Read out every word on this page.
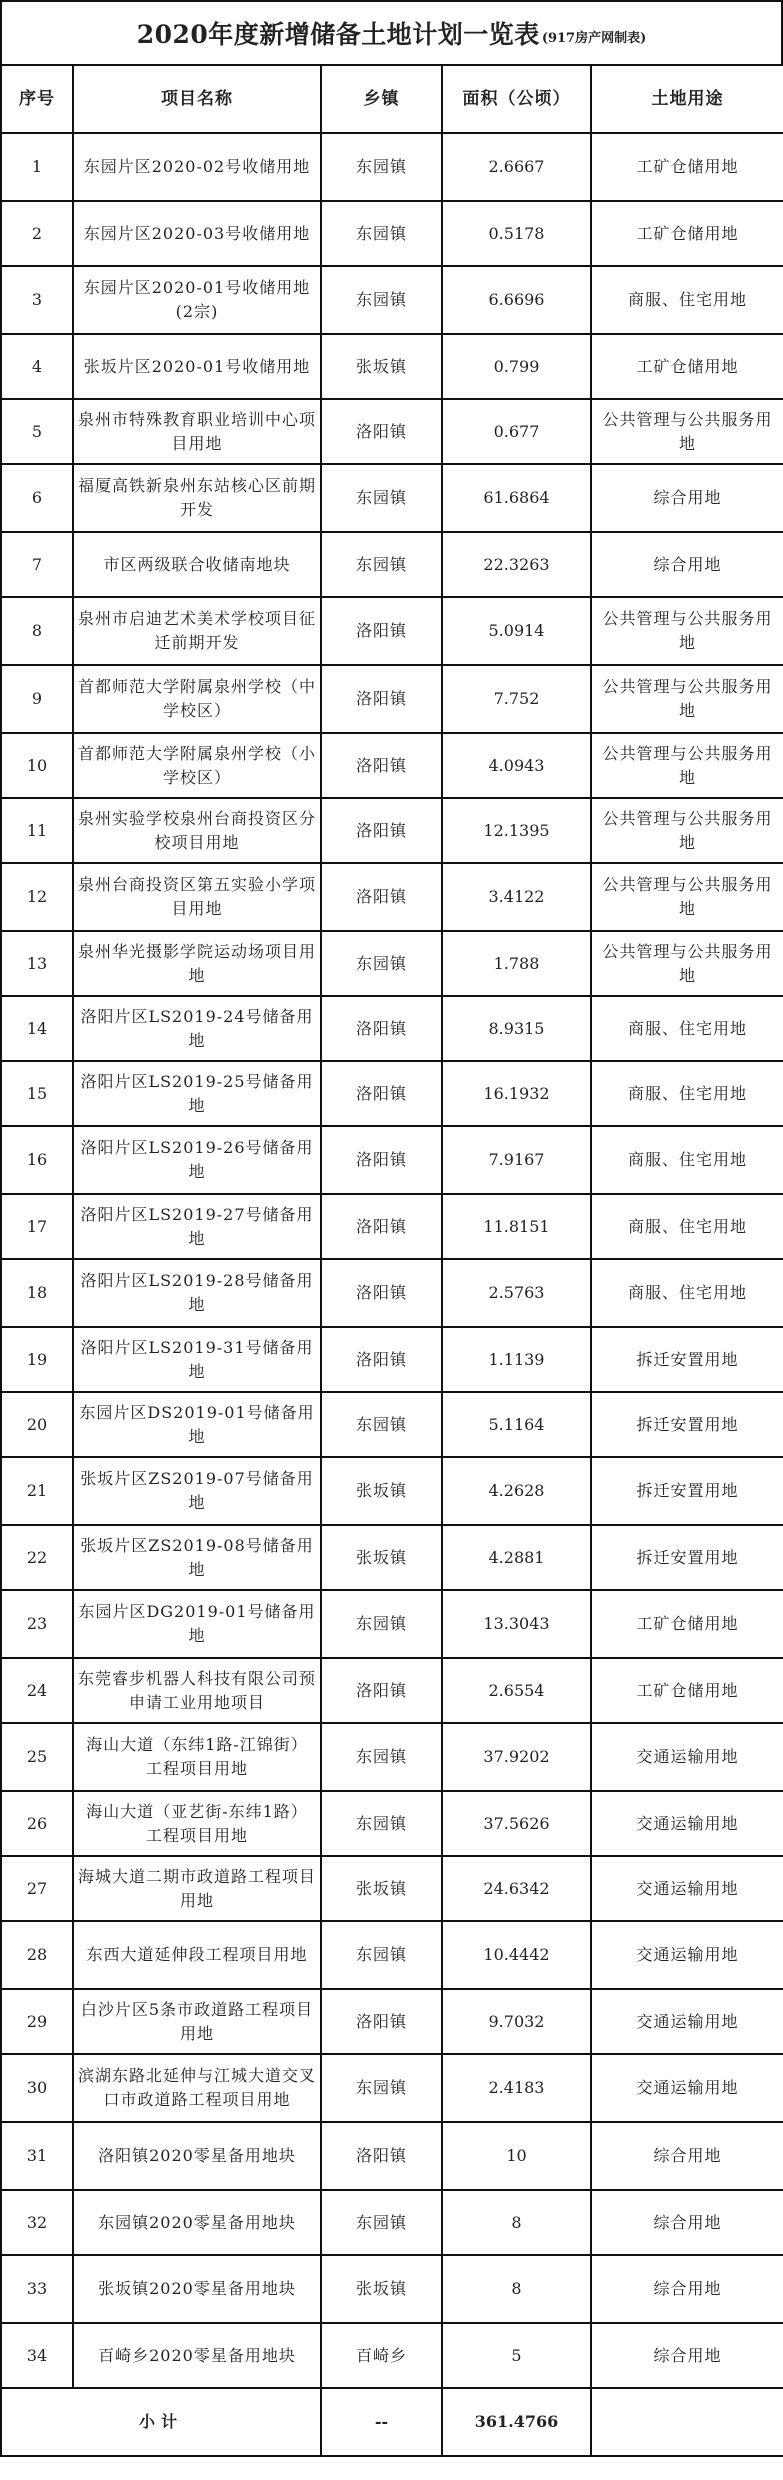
2020年度新增储备土地计划一览表 (917房产网制表)
序号	项目名称	乡镇	面积（公顷）	土地用途
1	东园片区2020-02号收储用地	东园镇	2.6667	工矿仓储用地
2	东园片区2020-03号收储用地	东园镇	0.5178	工矿仓储用地
3	东园片区2020-01号收储用地(2宗)	东园镇	6.6696	商服、住宅用地
4	张坂片区2020-01号收储用地	张坂镇	0.799	工矿仓储用地
5	泉州市特殊教育职业培训中心项目用地	洛阳镇	0.677	公共管理与公共服务用地
6	福厦高铁新泉州东站核心区前期开发	东园镇	61.6864	综合用地
7	市区两级联合收储南地块	东园镇	22.3263	综合用地
8	泉州市启迪艺术美术学校项目征迁前期开发	洛阳镇	5.0914	公共管理与公共服务用地
9	首都师范大学附属泉州学校（中学校区）	洛阳镇	7.752	公共管理与公共服务用地
10	首都师范大学附属泉州学校（小学校区）	洛阳镇	4.0943	公共管理与公共服务用地
11	泉州实验学校泉州台商投资区分校项目用地	洛阳镇	12.1395	公共管理与公共服务用地
12	泉州台商投资区第五实验小学项目用地	洛阳镇	3.4122	公共管理与公共服务用地
13	泉州华光摄影学院运动场项目用地	东园镇	1.788	公共管理与公共服务用地
14	洛阳片区LS2019-24号储备用地	洛阳镇	8.9315	商服、住宅用地
15	洛阳片区LS2019-25号储备用地	洛阳镇	16.1932	商服、住宅用地
16	洛阳片区LS2019-26号储备用地	洛阳镇	7.9167	商服、住宅用地
17	洛阳片区LS2019-27号储备用地	洛阳镇	11.8151	商服、住宅用地
18	洛阳片区LS2019-28号储备用地	洛阳镇	2.5763	商服、住宅用地
19	洛阳片区LS2019-31号储备用地	洛阳镇	1.1139	拆迁安置用地
20	东园片区DS2019-01号储备用地	东园镇	5.1164	拆迁安置用地
21	张坂片区ZS2019-07号储备用地	张坂镇	4.2628	拆迁安置用地
22	张坂片区ZS2019-08号储备用地	张坂镇	4.2881	拆迁安置用地
23	东园片区DG2019-01号储备用地	东园镇	13.3043	工矿仓储用地
24	东莞睿步机器人科技有限公司预申请工业用地项目	洛阳镇	2.6554	工矿仓储用地
25	海山大道（东纬1路-江锦街）工程项目用地	东园镇	37.9202	交通运输用地
26	海山大道（亚艺街-东纬1路）工程项目用地	东园镇	37.5626	交通运输用地
27	海城大道二期市政道路工程项目用地	张坂镇	24.6342	交通运输用地
28	东西大道延伸段工程项目用地	东园镇	10.4442	交通运输用地
29	白沙片区5条市政道路工程项目用地	洛阳镇	9.7032	交通运输用地
30	滨湖东路北延伸与江城大道交叉口市政道路工程项目用地	东园镇	2.4183	交通运输用地
31	洛阳镇2020零星备用地块	洛阳镇	10	综合用地
32	东园镇2020零星备用地块	东园镇	8	综合用地
33	张坂镇2020零星备用地块	张坂镇	8	综合用地
34	百崎乡2020零星备用地块	百崎乡	5	综合用地
小计		--	361.4766	
